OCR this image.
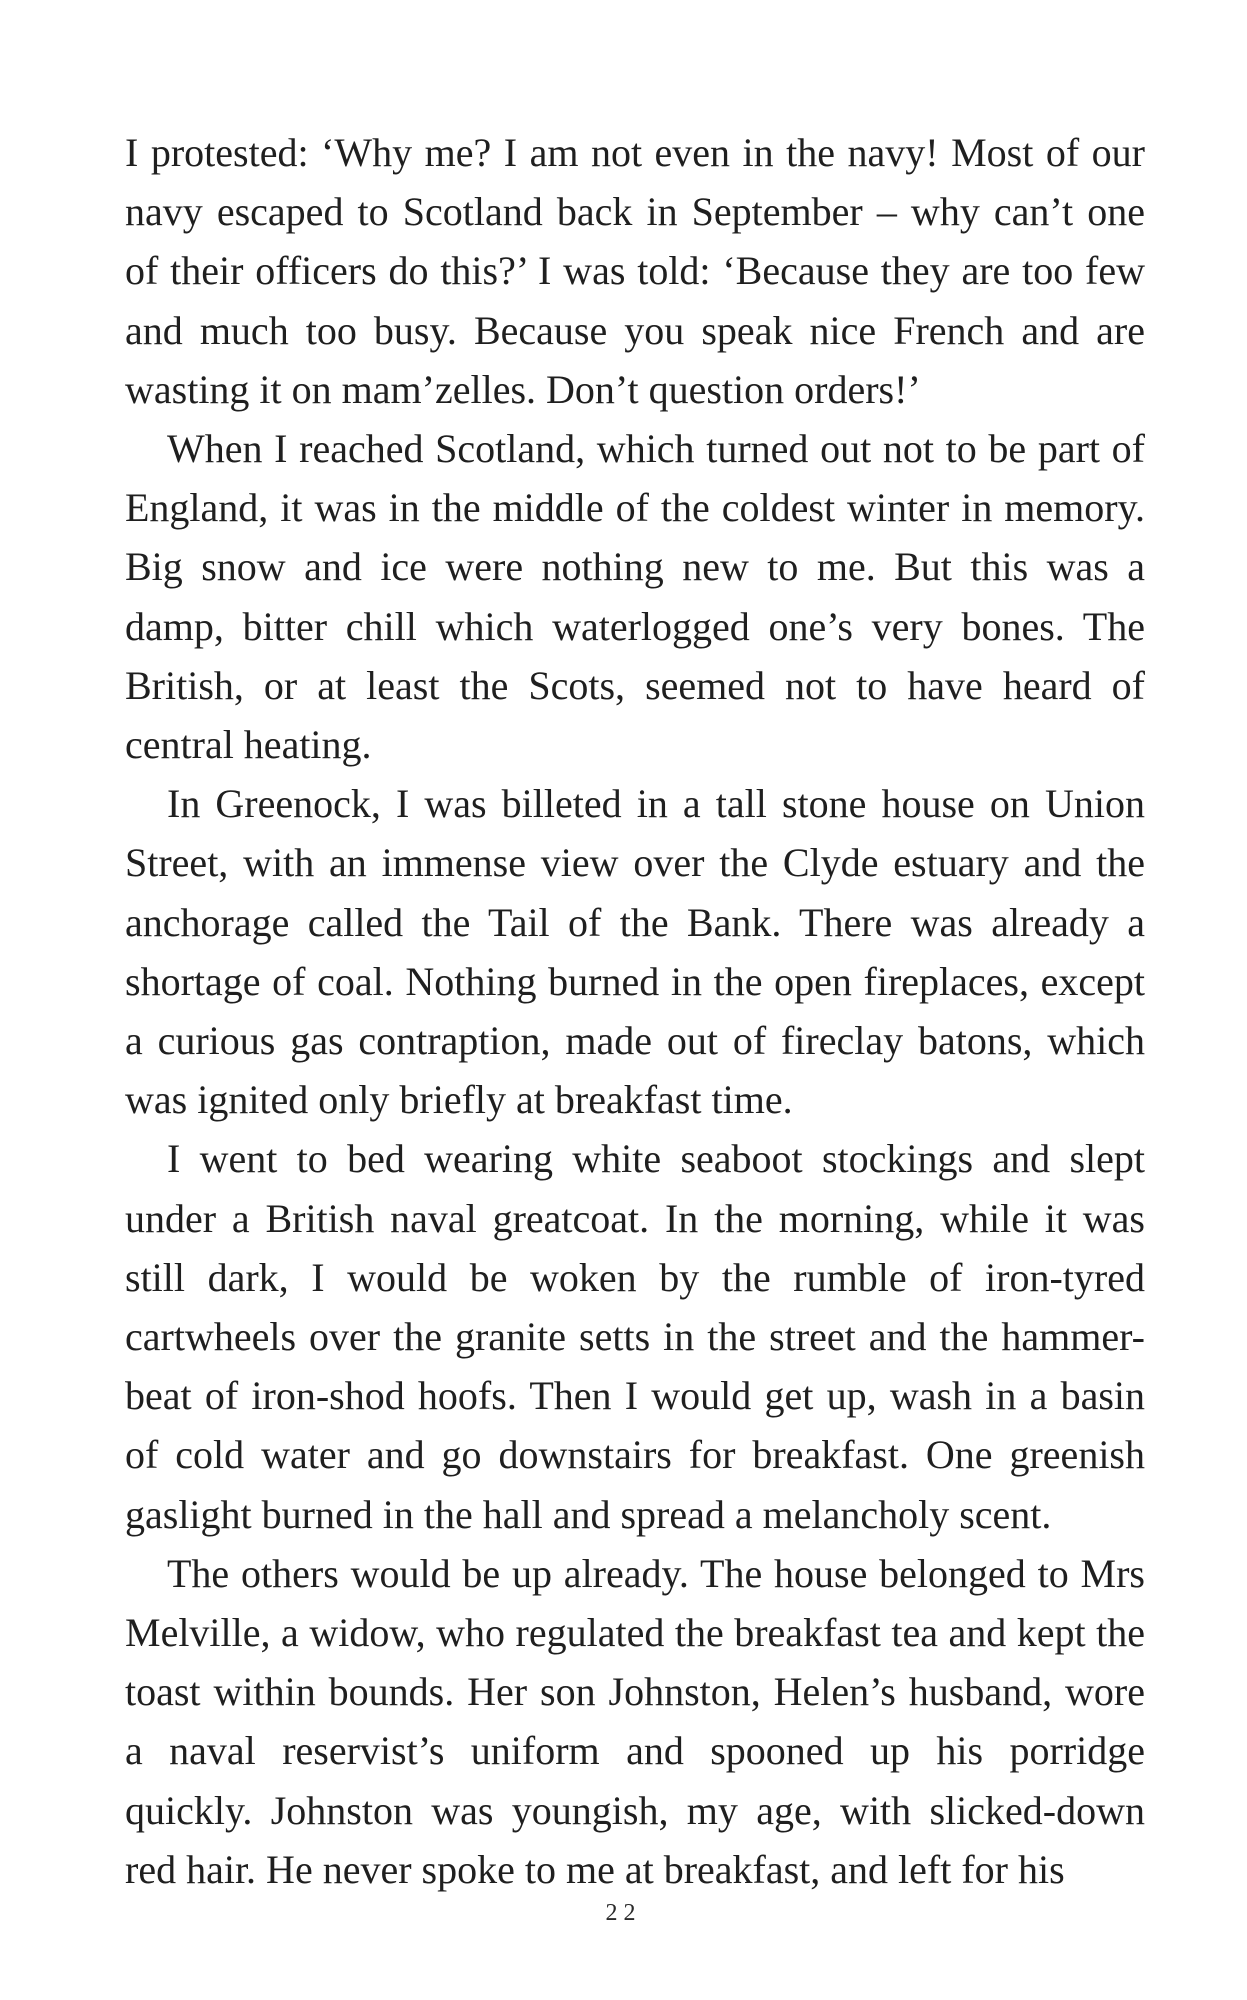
I protested: ‘Why me? I am not even in the navy! Most of our navy escaped to Scotland back in September – why can’t one of their officers do this?’ I was told: ‘Because they are too few and much too busy. Because you speak nice French and are wasting it on mam’zelles. Don’t question orders!’

When I reached Scotland, which turned out not to be part of England, it was in the middle of the coldest winter in memory. Big snow and ice were nothing new to me. But this was a damp, bitter chill which waterlogged one’s very bones. The British, or at least the Scots, seemed not to have heard of central heating.

In Greenock, I was billeted in a tall stone house on Union Street, with an immense view over the Clyde estuary and the anchorage called the Tail of the Bank. There was already a shortage of coal. Nothing burned in the open fireplaces, except a curious gas contraption, made out of fireclay batons, which was ignited only briefly at breakfast time.

I went to bed wearing white seaboot stockings and slept under a British naval greatcoat. In the morning, while it was still dark, I would be woken by the rumble of iron-tyred cartwheels over the granite setts in the street and the hammer-beat of iron-shod hoofs. Then I would get up, wash in a basin of cold water and go downstairs for breakfast. One greenish gaslight burned in the hall and spread a melancholy scent.

The others would be up already. The house belonged to Mrs Melville, a widow, who regulated the breakfast tea and kept the toast within bounds. Her son Johnston, Helen’s husband, wore a naval reservist’s uniform and spooned up his porridge quickly. Johnston was youngish, my age, with slicked-down red hair. He never spoke to me at breakfast, and left for his

22
